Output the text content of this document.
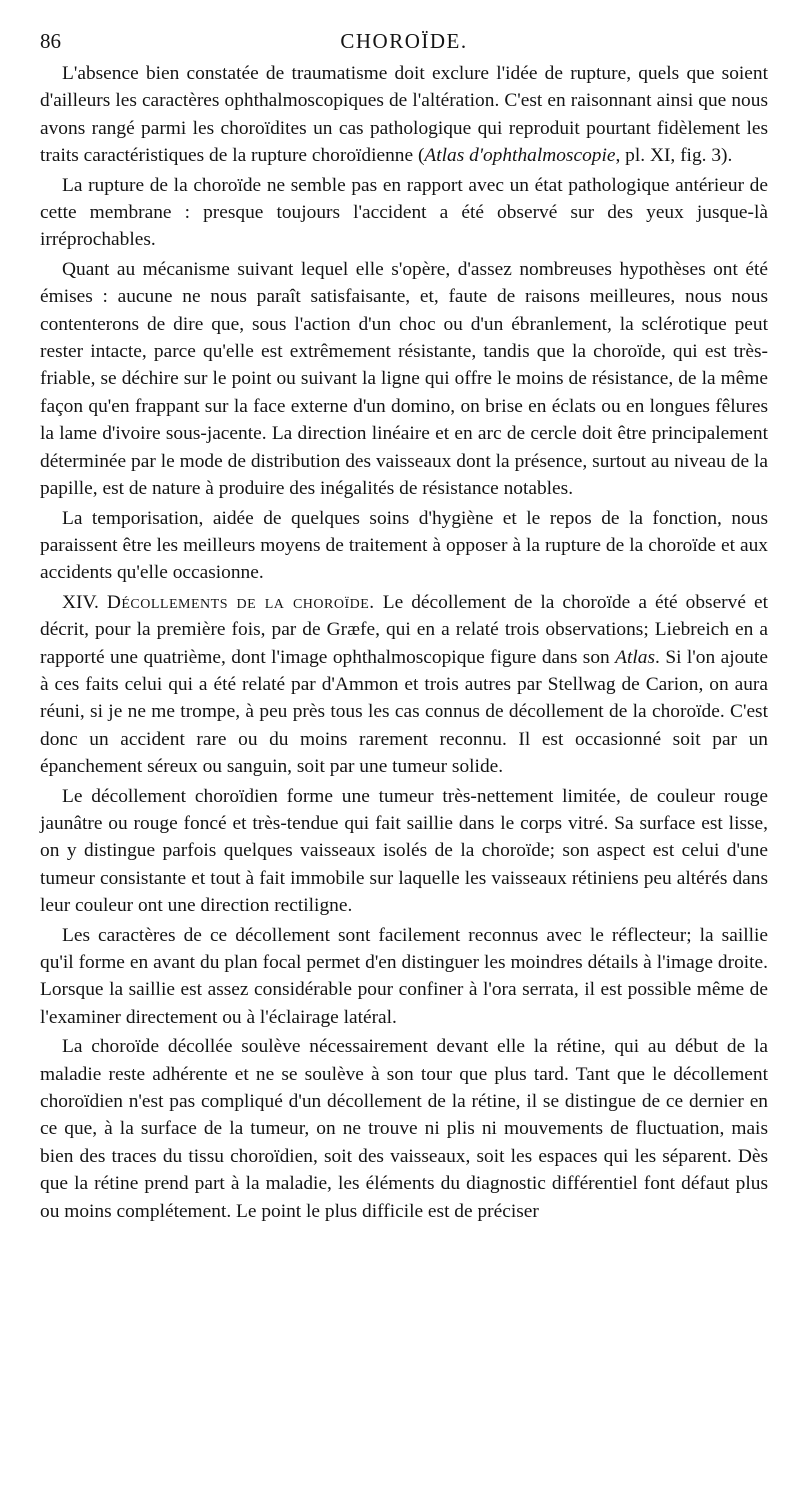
86	CHOROÏDE.

L'absence bien constatée de traumatisme doit exclure l'idée de rupture, quels que soient d'ailleurs les caractères ophthalmoscopiques de l'altération. C'est en raisonnant ainsi que nous avons rangé parmi les choroïdites un cas pathologique qui reproduit pourtant fidèlement les traits caractéristiques de la rupture choroïdienne (Atlas d'ophthalmoscopie, pl. XI, fig. 3).

La rupture de la choroïde ne semble pas en rapport avec un état pathologique antérieur de cette membrane : presque toujours l'accident a été observé sur des yeux jusque-là irréprochables.

Quant au mécanisme suivant lequel elle s'opère, d'assez nombreuses hypothèses ont été émises : aucune ne nous paraît satisfaisante, et, faute de raisons meilleures, nous nous contenterons de dire que, sous l'action d'un choc ou d'un ébranlement, la sclérotique peut rester intacte, parce qu'elle est extrêmement résistante, tandis que la choroïde, qui est très-friable, se déchire sur le point ou suivant la ligne qui offre le moins de résistance, de la même façon qu'en frappant sur la face externe d'un domino, on brise en éclats ou en longues fêlures la lame d'ivoire sous-jacente. La direction linéaire et en arc de cercle doit être principalement déterminée par le mode de distribution des vaisseaux dont la présence, surtout au niveau de la papille, est de nature à produire des inégalités de résistance notables.

La temporisation, aidée de quelques soins d'hygiène et le repos de la fonction, nous paraissent être les meilleurs moyens de traitement à opposer à la rupture de la choroïde et aux accidents qu'elle occasionne.

XIV. Décollements de la choroïde. Le décollement de la choroïde a été observé et décrit, pour la première fois, par de Græfe, qui en a relaté trois observations; Liebreich en a rapporté une quatrième, dont l'image ophthalmoscopique figure dans son Atlas. Si l'on ajoute à ces faits celui qui a été relaté par d'Ammon et trois autres par Stellwag de Carion, on aura réuni, si je ne me trompe, à peu près tous les cas connus de décollement de la choroïde. C'est donc un accident rare ou du moins rarement reconnu. Il est occasionné soit par un épanchement séreux ou sanguin, soit par une tumeur solide.

Le décollement choroïdien forme une tumeur très-nettement limitée, de couleur rouge jaunâtre ou rouge foncé et très-tendue qui fait saillie dans le corps vitré. Sa surface est lisse, on y distingue parfois quelques vaisseaux isolés de la choroïde; son aspect est celui d'une tumeur consistante et tout à fait immobile sur laquelle les vaisseaux rétiniens peu altérés dans leur couleur ont une direction rectiligne.

Les caractères de ce décollement sont facilement reconnus avec le réflecteur; la saillie qu'il forme en avant du plan focal permet d'en distinguer les moindres détails à l'image droite. Lorsque la saillie est assez considérable pour confiner à l'ora serrata, il est possible même de l'examiner directement ou à l'éclairage latéral.

La choroïde décollée soulève nécessairement devant elle la rétine, qui au début de la maladie reste adhérente et ne se soulève à son tour que plus tard. Tant que le décollement choroïdien n'est pas compliqué d'un décollement de la rétine, il se distingue de ce dernier en ce que, à la surface de la tumeur, on ne trouve ni plis ni mouvements de fluctuation, mais bien des traces du tissu choroïdien, soit des vaisseaux, soit les espaces qui les séparent. Dès que la rétine prend part à la maladie, les éléments du diagnostic différentiel font défaut plus ou moins complétement. Le point le plus difficile est de préciser
